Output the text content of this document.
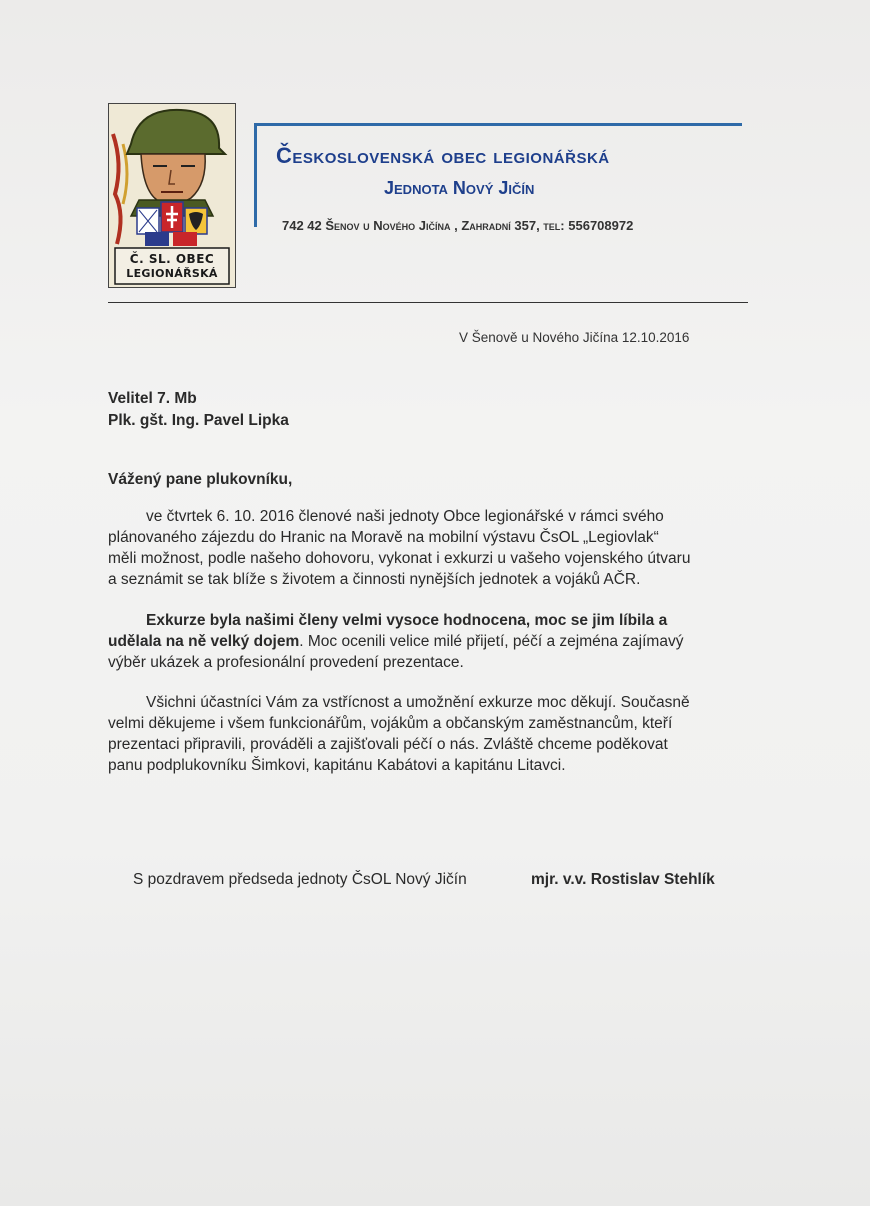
Č. SL. OBEC
LEGIONÁŘSKÁ
Československá obec legionářská
Jednota Nový Jičín
742 42 Šenov u Nového Jičína , Zahradní 357, tel: 556708972
V Šenově u Nového Jičína 12.10.2016
Velitel 7. Mb
Plk. gšt. Ing. Pavel Lipka
Vážený pane plukovníku,
ve čtvrtek 6. 10. 2016 členové naši jednoty Obce legionářské v rámci svého
plánovaného zájezdu do Hranic na Moravě na mobilní výstavu ČsOL „Legiovlak“
měli možnost, podle našeho dohovoru, vykonat i exkurzi u vašeho vojenského útvaru
a seznámit se tak blíže s životem a činnosti nynějších jednotek a vojáků AČR.
Exkurze byla našimi členy velmi vysoce hodnocena, moc se jim líbila a
udělala na ně velký dojem. Moc ocenili velice milé přijetí, péčí a zejména zajímavý
výběr ukázek a profesionální provedení prezentace.
Všichni účastníci Vám za vstřícnost a umožnění exkurze moc děkují. Současně
velmi děkujeme i všem funkcionářům, vojákům a občanským zaměstnancům, kteří
prezentaci připravili, prováděli a zajišťovali péčí o nás. Zvláště chceme poděkovat
panu podplukovníku Šimkovi, kapitánu Kabátovi a kapitánu Litavci.
S pozdravem předseda jednoty ČsOL Nový Jičín	mjr. v.v. Rostislav Stehlík
